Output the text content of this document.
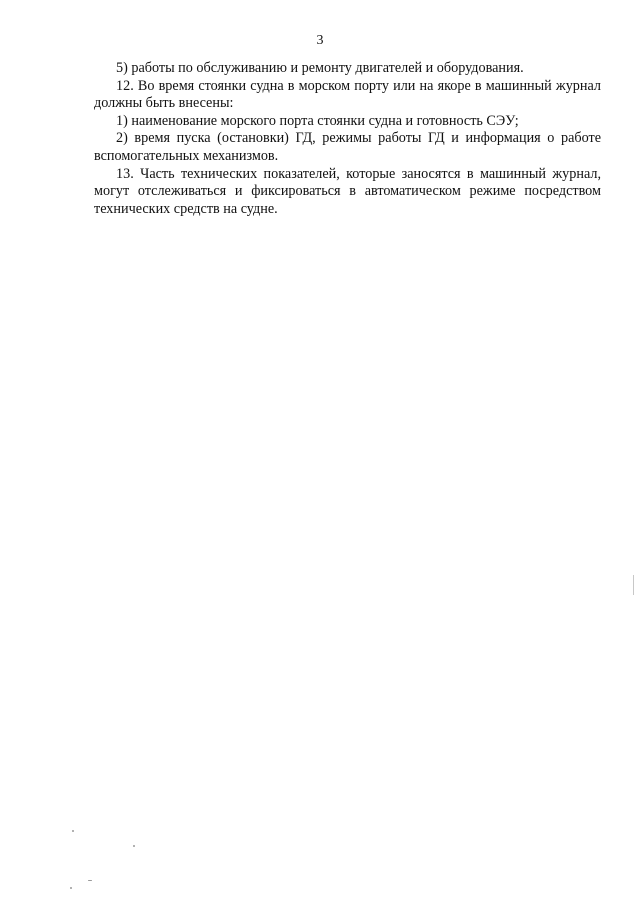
3

5) работы по обслуживанию и ремонту двигателей и оборудования.

12. Во время стоянки судна в морском порту или на якоре в машинный журнал должны быть внесены:

1) наименование морского порта стоянки судна и готовность СЭУ;

2) время пуска (остановки) ГД, режимы работы ГД и информация о работе вспомогательных механизмов.

13. Часть технических показателей, которые заносятся в машинный журнал, могут отслеживаться и фиксироваться в автоматическом режиме посредством технических средств на судне.
